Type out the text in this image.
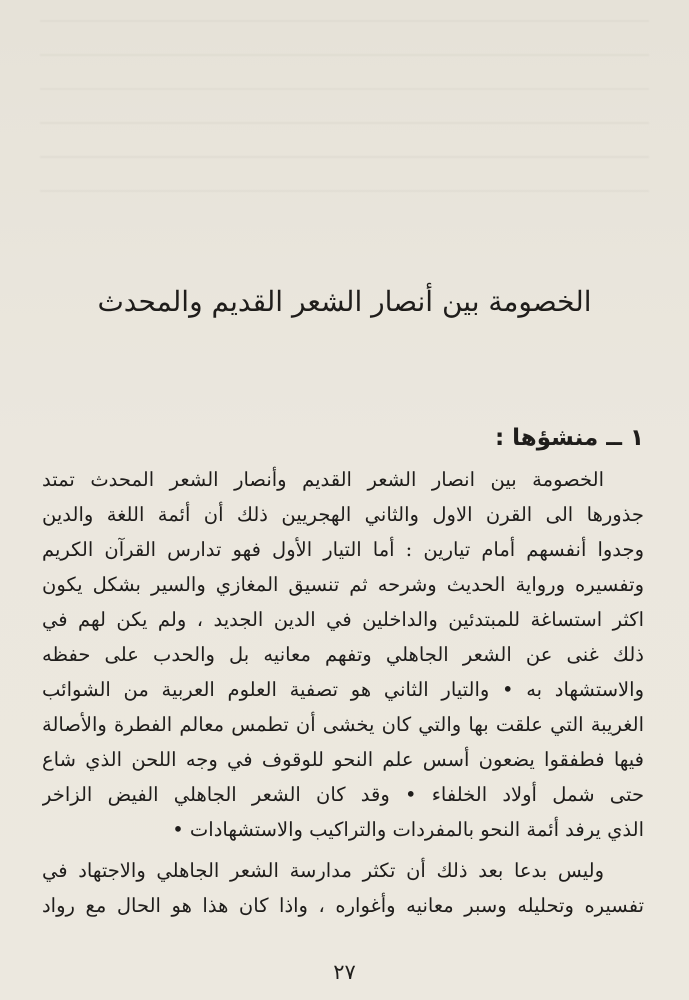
الخصومة بين أنصار الشعر القديم والمحدث
١ ــ منشؤها :
الخصومة بين انصار الشعر القديم وأنصار الشعر المحدث تمتد
جذورها الى القرن الاول والثاني الهجريين ذلك أن أئمة اللغة والدين
وجدوا أنفسهم أمام تيارين : أما التيار الأول فهو تدارس القرآن الكريم
وتفسيره ورواية الحديث وشرحه ثم تنسيق المغازي والسير بشكل يكون
اكثر استساغة للمبتدئين والداخلين في الدين الجديد ، ولم يكن لهم في
ذلك غنى عن الشعر الجاهلي وتفهم معانيه بل والحدب على حفظه
والاستشهاد به • والتيار الثاني هو تصفية العلوم العربية من الشوائب
الغريبة التي علقت بها والتي كان يخشى أن تطمس معالم الفطرة والأصالة
فيها فطفقوا يضعون أسس علم النحو للوقوف في وجه اللحن الذي شاع
حتى شمل أولاد الخلفاء • وقد كان الشعر الجاهلي الفيض الزاخر
الذي يرفد أئمة النحو بالمفردات والتراكيب والاستشهادات •
وليس بدعا بعد ذلك أن تكثر مدارسة الشعر الجاهلي والاجتهاد في
تفسيره وتحليله وسبر معانيه وأغواره ، واذا كان هذا هو الحال مع رواد
٢٧
